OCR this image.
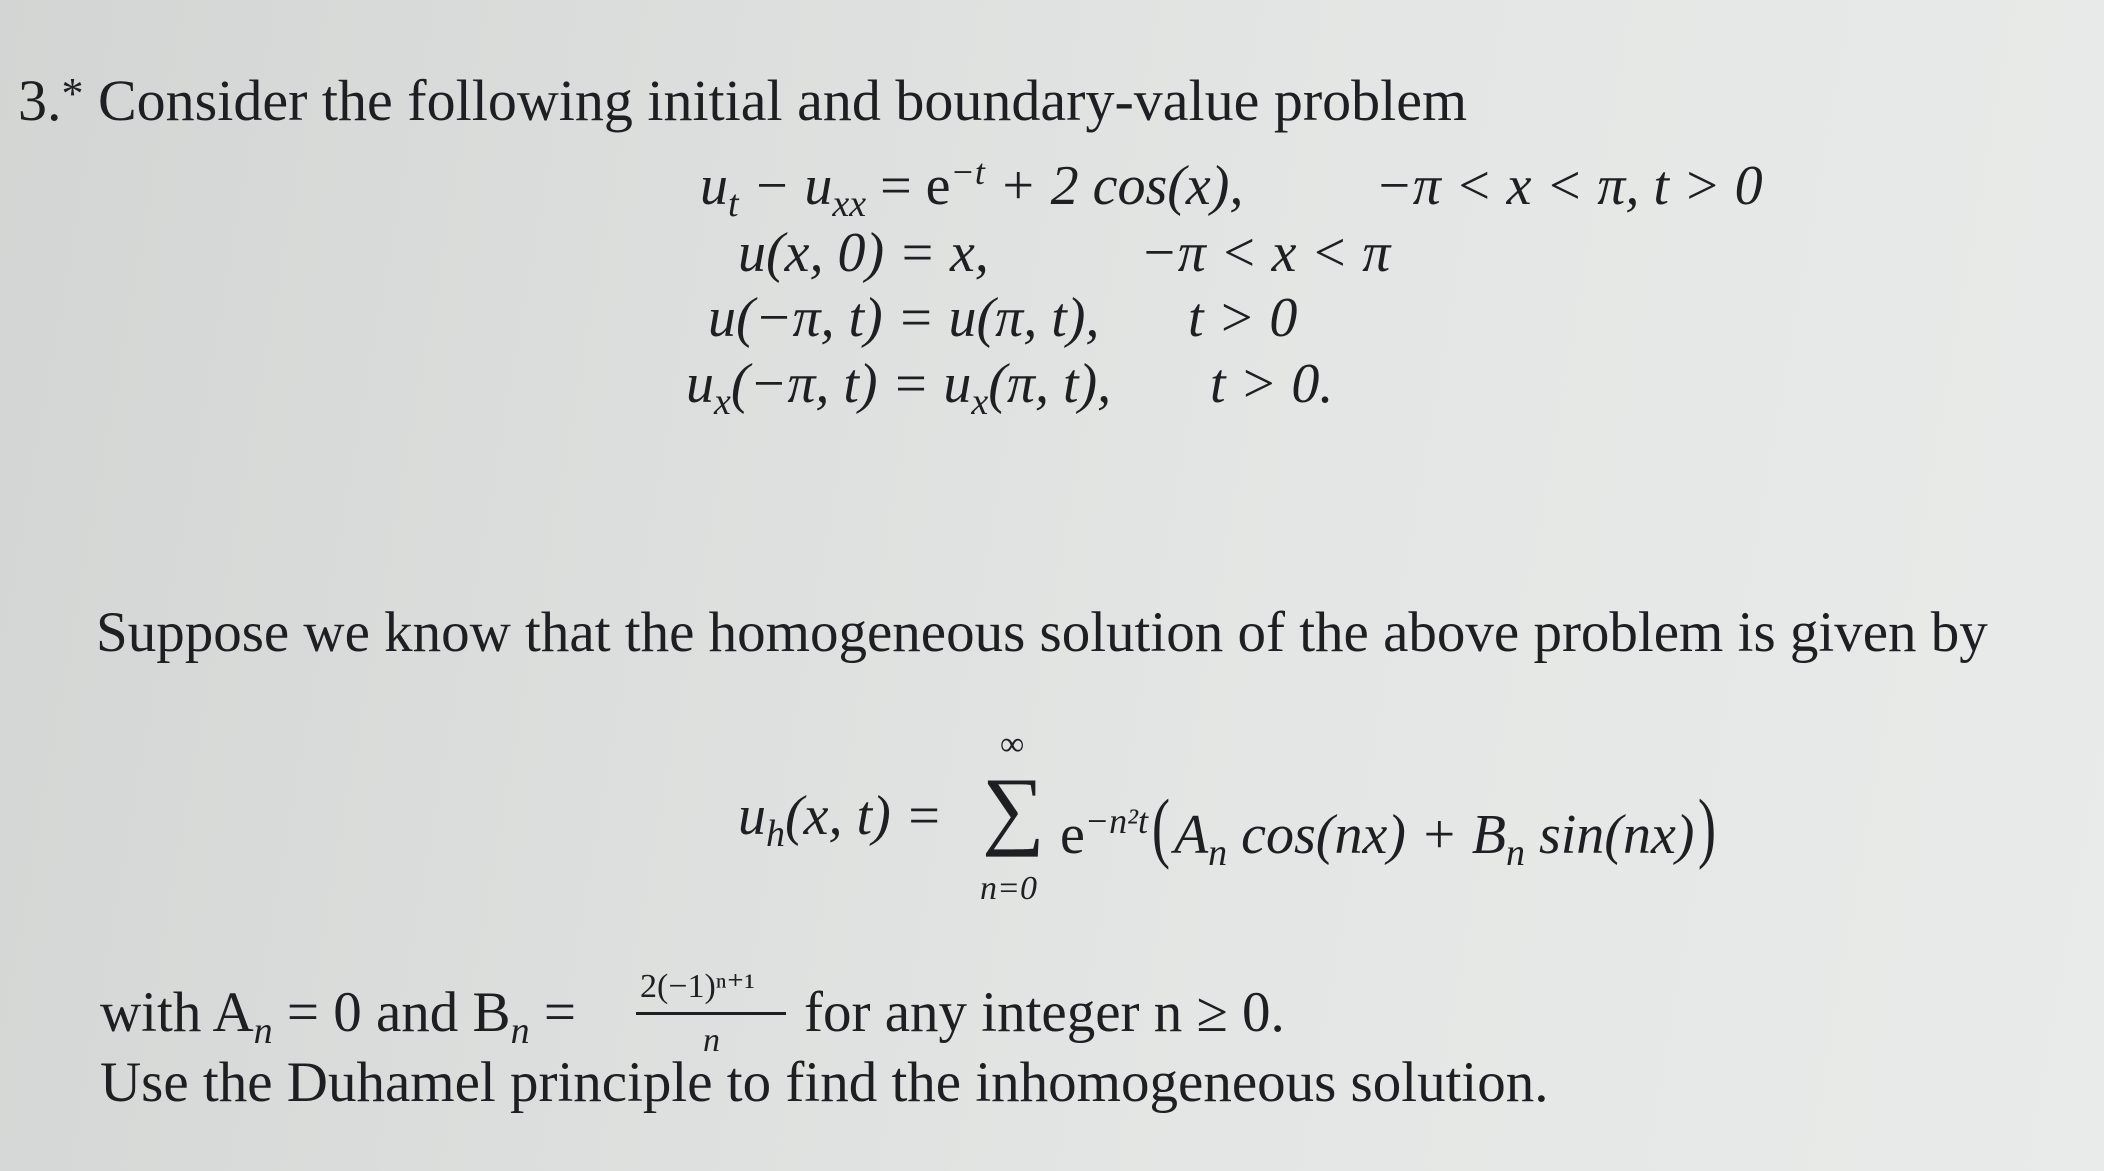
3.* Consider the following initial and boundary-value problem
$u_t - u_{xx} = e^{-t} + 2$ cos(x), −π < x < π, t > 0
u(x, 0) = x,	−π < x < π
u(−π, t) = u(π, t), t > 0
$u_x(-\pi$, $t) = u_x(\pi$, t), t > 0.
Suppose we know that the homogeneous solution of the above problem is given by
$u_h(x$, t) =
∞
∑
n=0
$e^{-n^2t}(A_n$ $\cos(nx) + B_n$ sin(nx))
with $A_n = 0$ and $B_n = 2(-1)^{n+1}$
n for any integer n ≥ 0.
Use the Duhamel principle to find the inhomogeneous solution.
